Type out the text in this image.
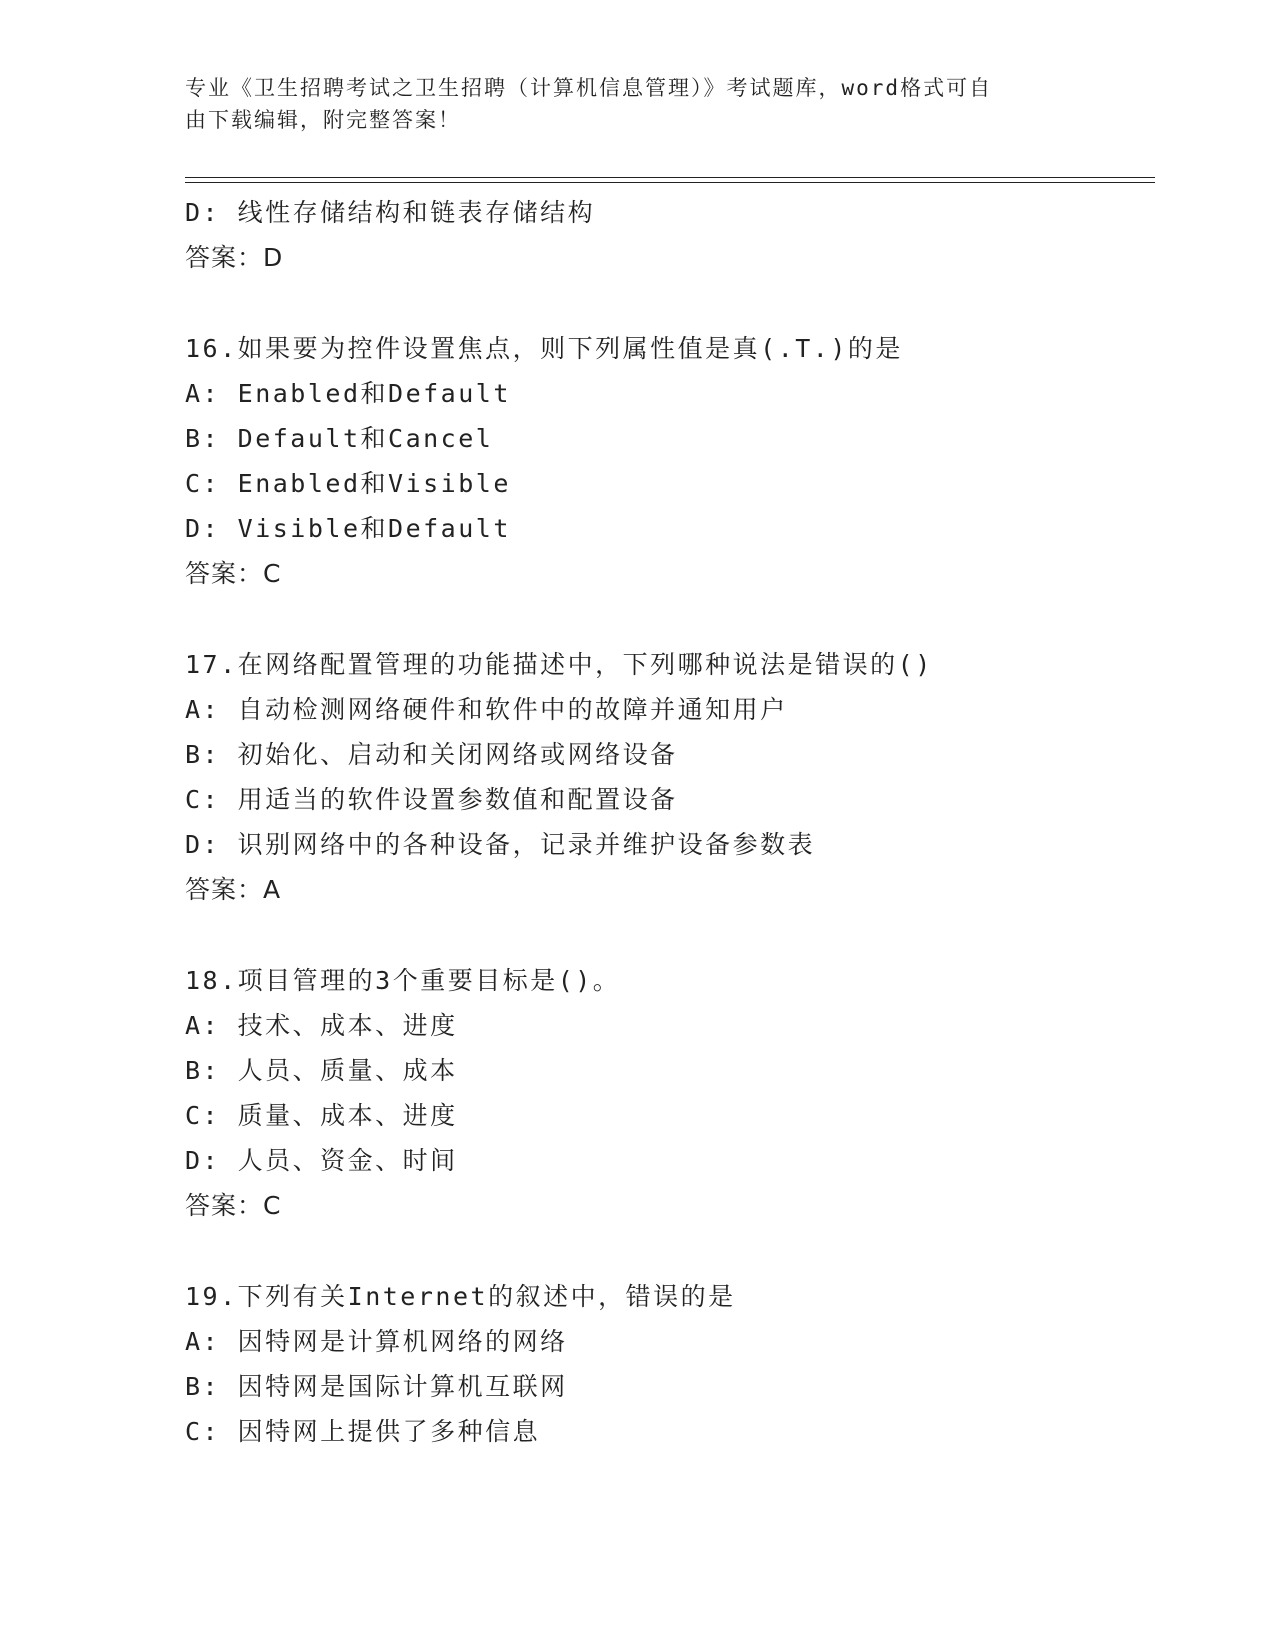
专业《卫生招聘考试之卫生招聘（计算机信息管理）》考试题库，word格式可自
由下载编辑，附完整答案！
D: 线性存储结构和链表存储结构
答案：D
16.如果要为控件设置焦点，则下列属性值是真(.T.)的是
A: Enabled和Default
B: Default和Cancel
C: Enabled和Visible
D: Visible和Default
答案：C
17.在网络配置管理的功能描述中，下列哪种说法是错误的()
A: 自动检测网络硬件和软件中的故障并通知用户
B: 初始化、启动和关闭网络或网络设备
C: 用适当的软件设置参数值和配置设备
D: 识别网络中的各种设备，记录并维护设备参数表
答案：A
18.项目管理的3个重要目标是()。
A: 技术、成本、进度
B: 人员、质量、成本
C: 质量、成本、进度
D: 人员、资金、时间
答案：C
19.下列有关Internet的叙述中，错误的是
A: 因特网是计算机网络的网络
B: 因特网是国际计算机互联网
C: 因特网上提供了多种信息
